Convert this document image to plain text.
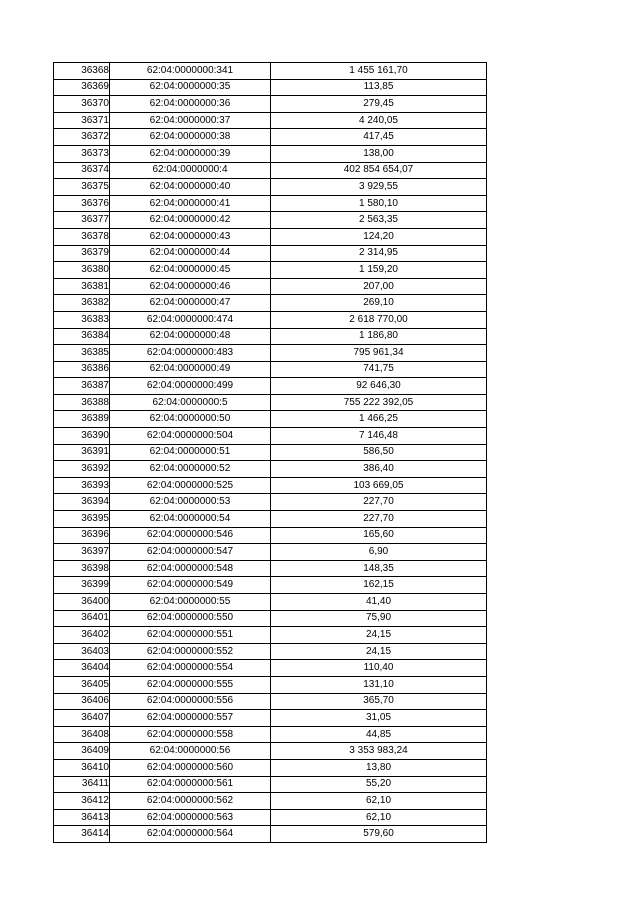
36368	62:04:0000000:341	1 455 161,70
36369	62:04:0000000:35	113,85
36370	62:04:0000000:36	279,45
36371	62:04:0000000:37	4 240,05
36372	62:04:0000000:38	417,45
36373	62:04:0000000:39	138,00
36374	62:04:0000000:4	402 854 654,07
36375	62:04:0000000:40	3 929,55
36376	62:04:0000000:41	1 580,10
36377	62:04:0000000:42	2 563,35
36378	62:04:0000000:43	124,20
36379	62:04:0000000:44	2 314,95
36380	62:04:0000000:45	1 159,20
36381	62:04:0000000:46	207,00
36382	62:04:0000000:47	269,10
36383	62:04:0000000:474	2 618 770,00
36384	62:04:0000000:48	1 186,80
36385	62:04:0000000:483	795 961,34
36386	62:04:0000000:49	741,75
36387	62:04:0000000:499	92 646,30
36388	62:04:0000000:5	755 222 392,05
36389	62:04:0000000:50	1 466,25
36390	62:04:0000000:504	7 146,48
36391	62:04:0000000:51	586,50
36392	62:04:0000000:52	386,40
36393	62:04:0000000:525	103 669,05
36394	62:04:0000000:53	227,70
36395	62:04:0000000:54	227,70
36396	62:04:0000000:546	165,60
36397	62:04:0000000:547	6,90
36398	62:04:0000000:548	148,35
36399	62:04:0000000:549	162,15
36400	62:04:0000000:55	41,40
36401	62:04:0000000:550	75,90
36402	62:04:0000000:551	24,15
36403	62:04:0000000:552	24,15
36404	62:04:0000000:554	110,40
36405	62:04:0000000:555	131,10
36406	62:04:0000000:556	365,70
36407	62:04:0000000:557	31,05
36408	62:04:0000000:558	44,85
36409	62:04:0000000:56	3 353 983,24
36410	62:04:0000000:560	13,80
36411	62:04:0000000:561	55,20
36412	62:04:0000000:562	62,10
36413	62:04:0000000:563	62,10
36414	62:04:0000000:564	579,60
